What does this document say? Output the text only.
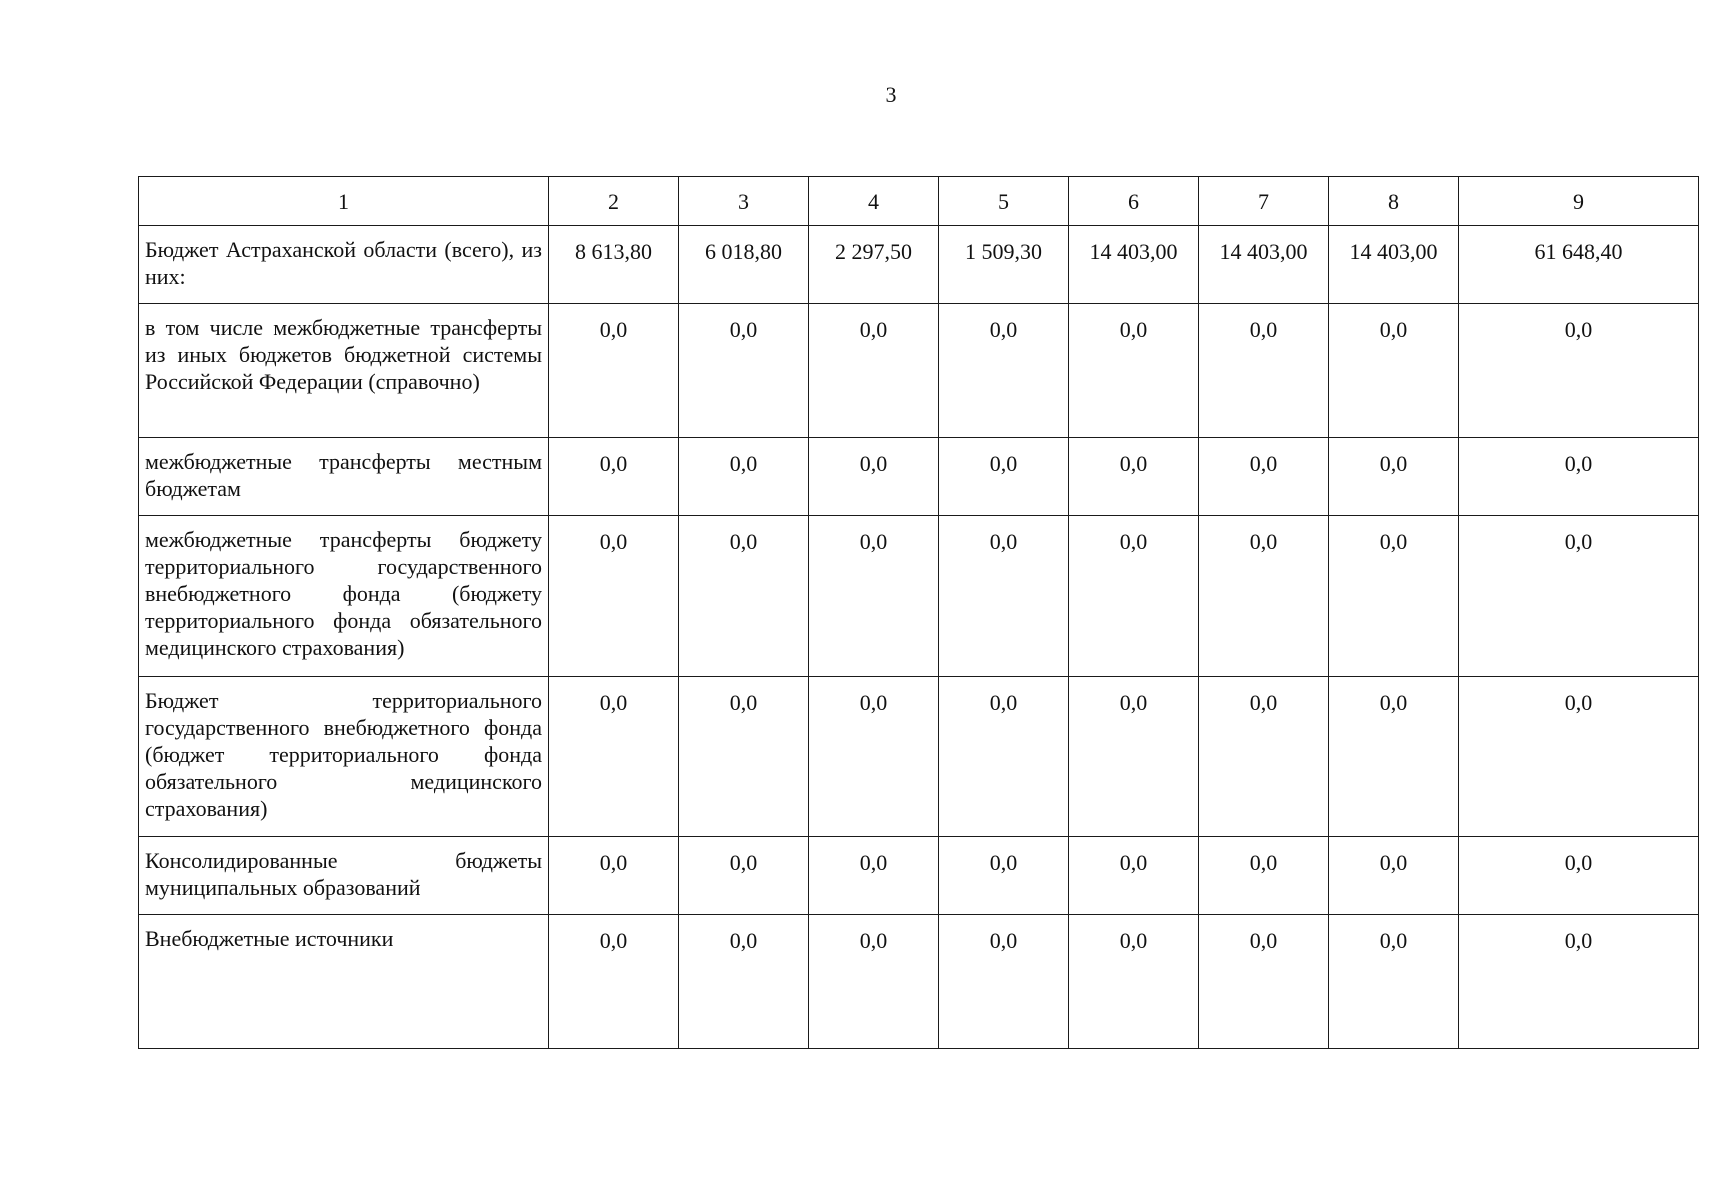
3
1	2	3	4	5	6	7	8	9
Бюджет Астраханской области (всего), из них:	8 613,80	6 018,80	2 297,50	1 509,30	14 403,00	14 403,00	14 403,00	61 648,40
в том числе межбюджетные трансферты из иных бюджетов бюджетной системы Российской Федерации (справочно)	0,0	0,0	0,0	0,0	0,0	0,0	0,0	0,0
межбюджетные трансферты местным бюджетам	0,0	0,0	0,0	0,0	0,0	0,0	0,0	0,0
межбюджетные трансферты бюджету территориального государственного внебюджетного фонда (бюджету территориального фонда обязательного медицинского страхования)	0,0	0,0	0,0	0,0	0,0	0,0	0,0	0,0
Бюджет территориального государственного внебюджетного фонда (бюджет территориального фонда обязательного медицинского страхования)	0,0	0,0	0,0	0,0	0,0	0,0	0,0	0,0
Консолидированные бюджеты муниципальных образований	0,0	0,0	0,0	0,0	0,0	0,0	0,0	0,0
Внебюджетные источники	0,0	0,0	0,0	0,0	0,0	0,0	0,0	0,0
